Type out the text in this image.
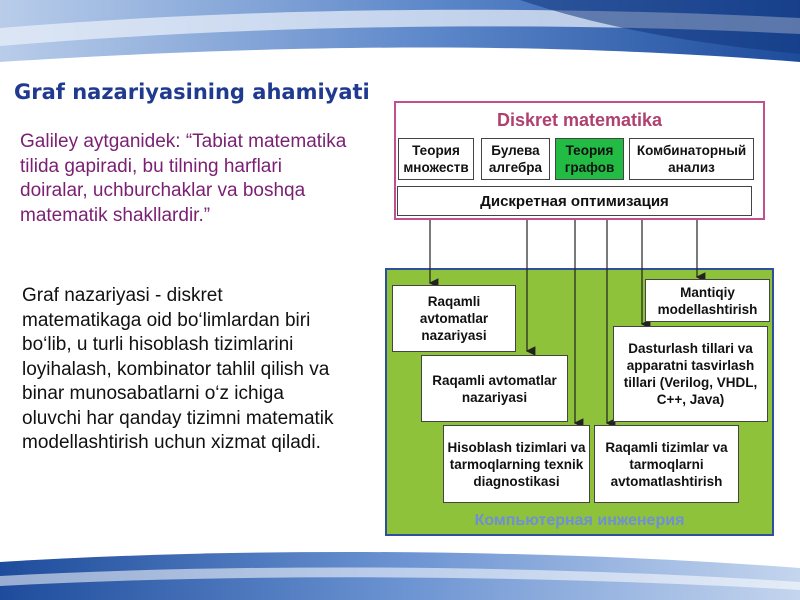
Graf nazariyasining ahamiyati
Galiley aytganidek: “Tabiat matematika tilida gapiradi, bu tilning harflari doiralar, uchburchaklar va boshqa matematik shakllardir.”
Graf nazariyasi - diskret matematikaga oid bo‘limlardan biri bo‘lib, u turli hisoblash tizimlarini loyihalash, kombinator tahlil qilish va binar munosabatlarni o‘z ichiga oluvchi har qanday tizimni matematik modellashtirish uchun xizmat qiladi.
Diskret matematika
Теория множеств
Булева алгебра
Теория графов
Комбинаторный анализ
Дискретная оптимизация
Компьютерная инженерия
Raqamli avtomatlar nazariyasi
Raqamli avtomatlar nazariyasi
Hisoblash tizimlari va tarmoqlarning texnik diagnostikasi
Raqamli tizimlar va tarmoqlarni avtomatlashtirish
Dasturlash tillari va apparatni tasvirlash tillari (Verilog, VHDL, C++, Java)
Mantiqiy modellashtirish
